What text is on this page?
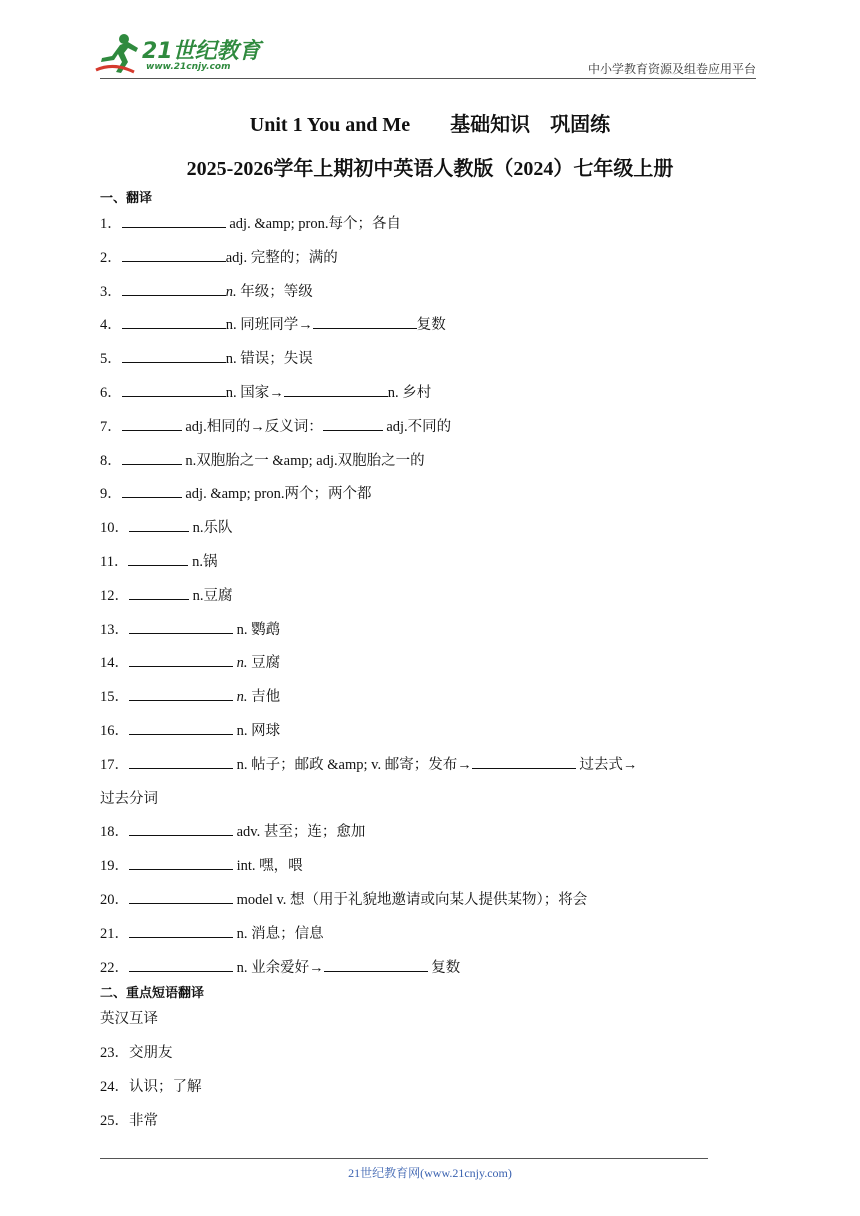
21世纪教育
www.21cnjy.com	中小学教育资源及组卷应用平台
Unit 1 You and Me　　基础知识　巩固练
2025-2026学年上期初中英语人教版（2024）七年级上册
一、翻译
1．	adj. &amp; pron.每个；各自
2．	adj. 完整的；满的
3．	n. 年级；等级
4．	n. 同班同学→	复数
5．	n. 错误；失误
6．	n. 国家→	n. 乡村
7．	adj.相同的→反义词：	adj.不同的
8．	n.双胞胎之一 &amp; adj.双胞胎之一的
9．	adj. &amp; pron.两个；两个都
10．	n.乐队
11．	n.锅
12．	n.豆腐
13．	n. 鹦鹉
14．	n. 豆腐
15．	n. 吉他
16．	n. 网球
17．	n. 帖子；邮政 &amp; v. 邮寄；发布→	过去式→
过去分词
18．	adv. 甚至；连；愈加
19．	int. 嘿，喂
20．	model v. 想（用于礼貌地邀请或向某人提供某物）；将会
21．	n. 消息；信息
22．	n. 业余爱好→	复数
二、重点短语翻译
英汉互译
23．交朋友
24．认识；了解
25．非常
21世纪教育网(www.21cnjy.com)
